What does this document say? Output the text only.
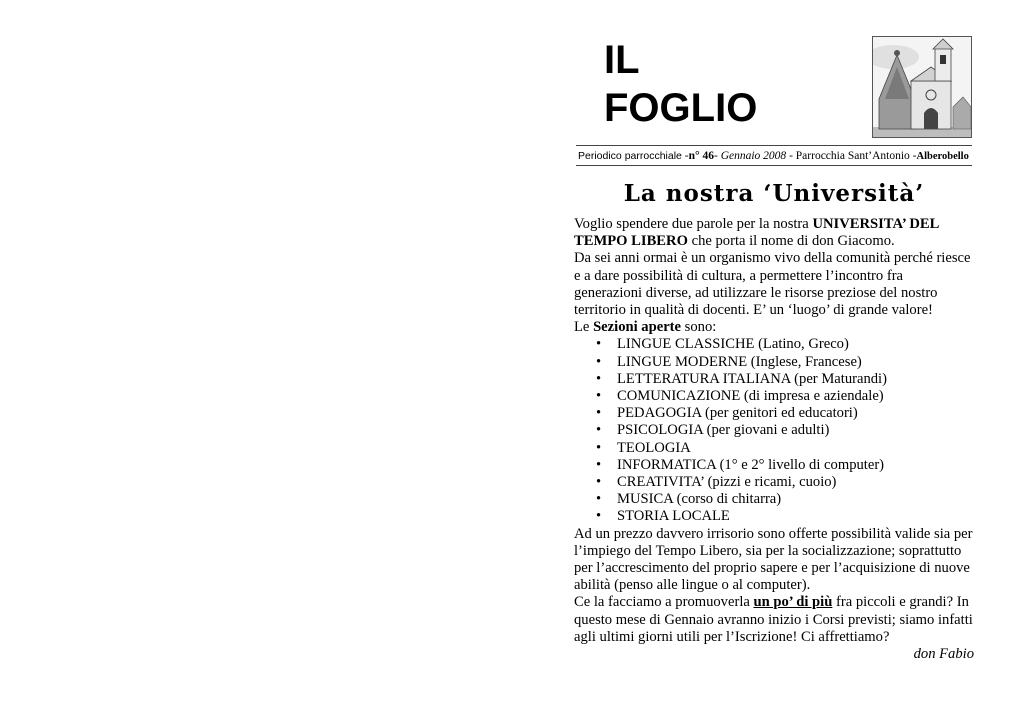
IL
FOGLIO
Periodico parrocchiale -n° 46- Gennaio 2008 - Parrocchia Sant’Antonio -Alberobello
La nostra ‘Università’

Voglio spendere due parole per la nostra UNIVERSITA’ DEL TEMPO LIBERO che porta il nome di don Giacomo.

Da sei anni ormai è un organismo vivo della comunità perché riesce e a dare possibilità di cultura, a permettere l’incontro fra generazioni diverse, ad utilizzare le risorse preziose del nostro territorio in qualità di docenti. E’ un ‘luogo’ di grande valore!

Le Sezioni aperte sono:

• LINGUE CLASSICHE (Latino, Greco)
• LINGUE MODERNE (Inglese, Francese)
• LETTERATURA ITALIANA (per Maturandi)
• COMUNICAZIONE (di impresa e aziendale)
• PEDAGOGIA (per genitori ed educatori)
• PSICOLOGIA (per giovani e adulti)
• TEOLOGIA
• INFORMATICA (1° e 2° livello di computer)
• CREATIVITA’ (pizzi e ricami, cuoio)
• MUSICA (corso di chitarra)
• STORIA LOCALE

Ad un prezzo davvero irrisorio sono offerte possibilità valide sia per l’impiego del Tempo Libero, sia per la socializzazione; soprattutto per l’accrescimento del proprio sapere e per l’acquisizione di nuove abilità (penso alle lingue o al computer).

Ce la facciamo a promuoverla un po’ di più fra piccoli e grandi? In questo mese di Gennaio avranno inizio i Corsi previsti; siamo infatti agli ultimi giorni utili per l’Iscrizione! Ci affrettiamo?

don Fabio
